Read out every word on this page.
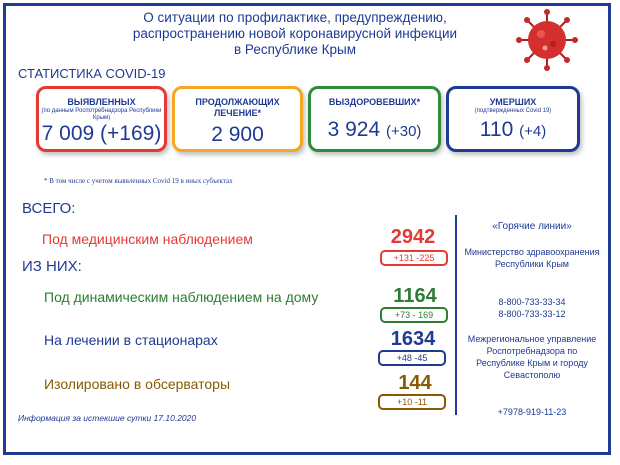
О ситуации по профилактике, предупреждению,
распространению новой коронавирусной инфекции
в Республике Крым
СТАТИСТИКА COVID-19
ВЫЯВЛЕННЫХ
(по данным Роспотребнадзора Республики Крым)
7 009 (+169)
ПРОДОЛЖАЮЩИХ ЛЕЧЕНИЕ*
2 900
ВЫЗДОРОВЕВШИХ*
3 924 (+30)
УМЕРШИХ
(подтвержденных Covid 19)
110 (+4)
* В том числе с учетом выявленных Covid 19 в иных субъектах
ВСЕГО:
ИЗ НИХ:
Под медицинским наблюдением	2942
+131 -225
Под динамическим наблюдением на дому	1164
+73 - 169
На лечении в стационарах	1634
+48 -45
Изолировано в обсерваторы	144
+10 -11
«Горячие линии»
Министерство здравоохранения Республики Крым
8-800-733-33-34
8-800-733-33-12
Межрегиональное управление Роспотребнадзора по Республике Крым и городу Севастополю
+7978-919-11-23
Информация за истекшие сутки 17.10.2020
